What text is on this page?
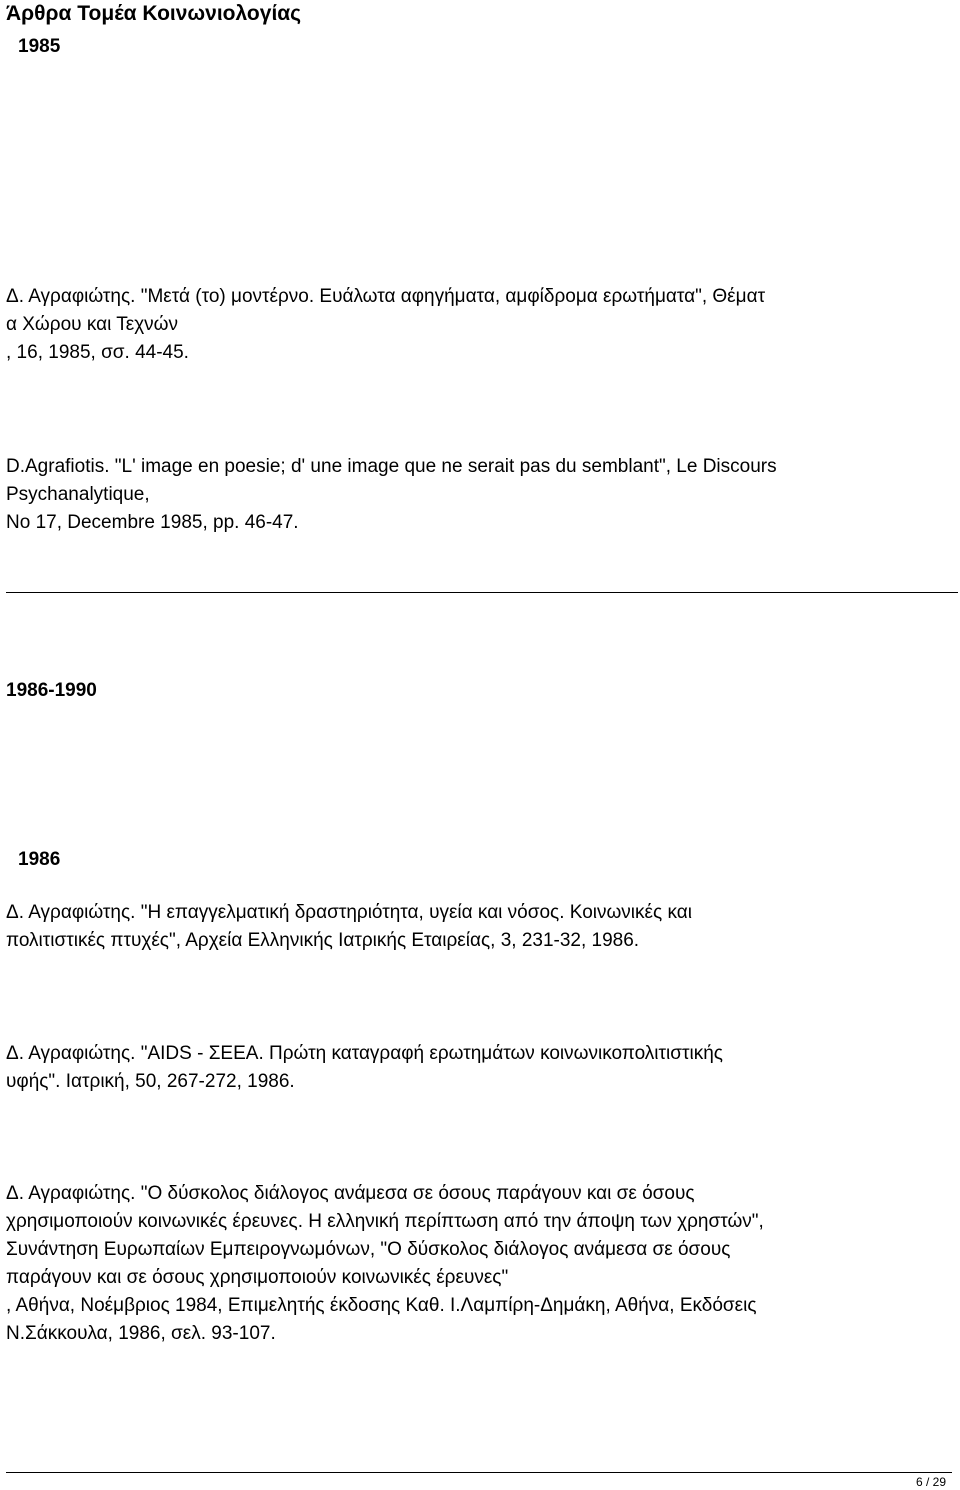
Άρθρα Τομέα Κοινωνιολογίας
1985
Δ. Αγραφιώτης. "Μετά (το) μοντέρνο. Ευάλωτα αφηγήματα, αμφίδρομα ερωτήματα", Θέματ
α Χώρου και Τεχνών
, 16, 1985, σσ. 44-45.
D.Agrafiotis. "L' image en poesie; d' une image que ne serait pas du semblant", Le Discours
Psychanalytique,
No 17, Decembre 1985, pp. 46-47.
1986-1990
1986
Δ. Αγραφιώτης. "Η επαγγελματική δραστηριότητα, υγεία και νόσος. Κοινωνικές και
πολιτιστικές πτυχές", Αρχεία Ελληνικής Ιατρικής Εταιρείας, 3, 231-32, 1986.
Δ. Αγραφιώτης. "AIDS - ΣΕΕΑ. Πρώτη καταγραφή ερωτημάτων κοινωνικοπολιτιστικής
υφής". Ιατρική, 50, 267-272, 1986.
Δ. Αγραφιώτης. "Ο δύσκολος διάλογος ανάμεσα σε όσους παράγουν και σε όσους
χρησιμοποιούν κοινωνικές έρευνες. Η ελληνική περίπτωση από την άποψη των χρηστών",
Συνάντηση Ευρωπαίων Εμπειρογνωμόνων, "Ο δύσκολος διάλογος ανάμεσα σε όσους
παράγουν και σε όσους χρησιμοποιούν κοινωνικές έρευνες"
, Αθήνα, Νοέμβριος 1984, Επιμελητής έκδοσης Καθ. Ι.Λαμπίρη-Δημάκη, Αθήνα, Εκδόσεις
Ν.Σάκκουλα, 1986, σελ. 93-107.
6 / 29
